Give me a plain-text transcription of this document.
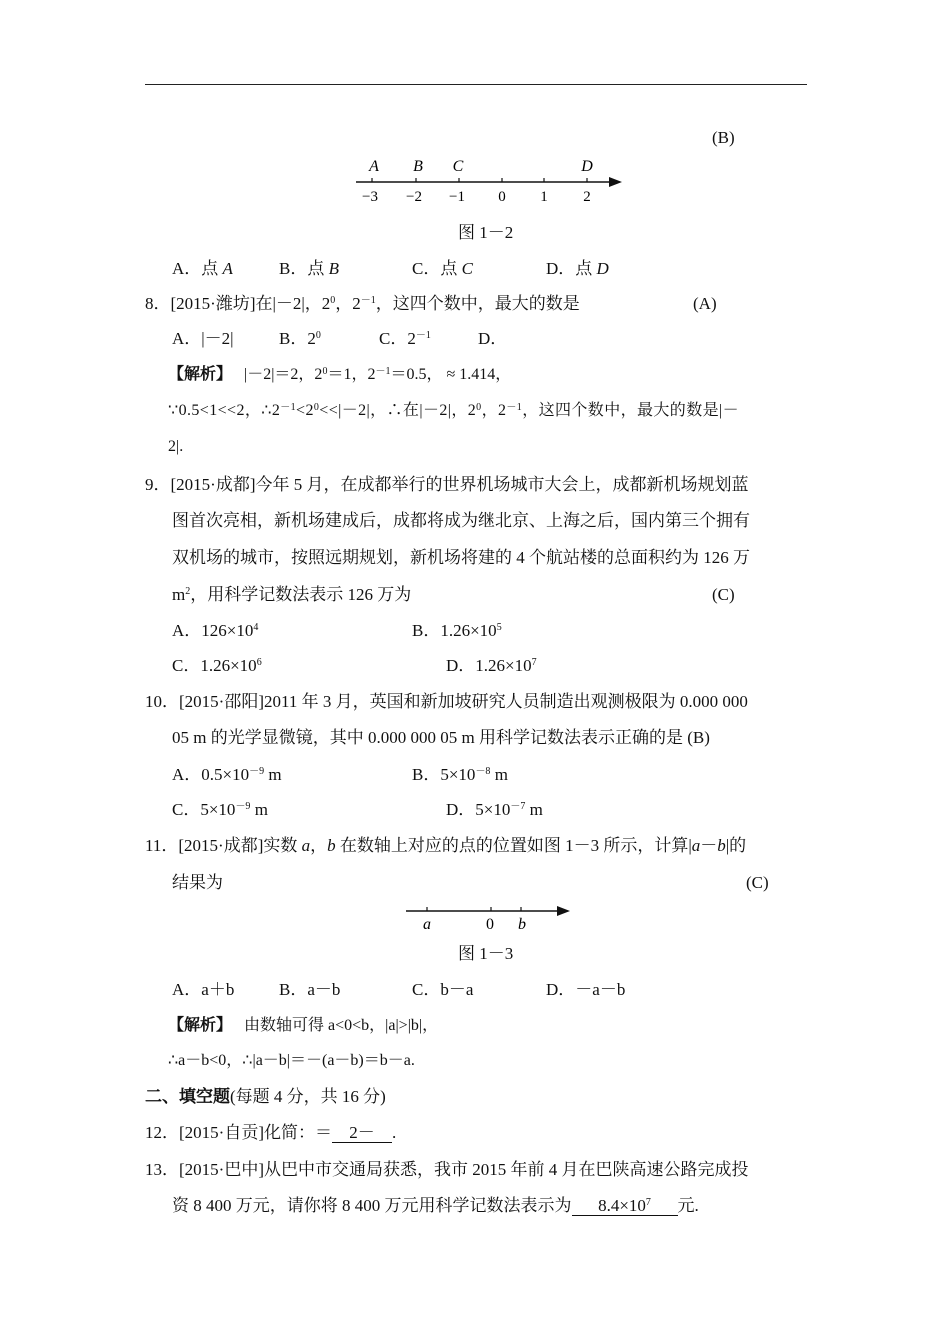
(B)
A B C	D
−3 −2 −1 0 1 2
图 1－2
A．点 A	B．点 B	C．点 C	D．点 D
8．[2015·潍坊]在|－2|，$2^0$，$2^{-1}$，这四个数中，最大的数是	(A)
A．|－2|	B．$2^0$	C．$2^{-1}$	D．
【解析】 |－2|＝2，$2^0=1$，$2^{-1}=0.5$， ≈ 1.414，
∵0.5<1<<2，$\therefore 2^{-1}<2^0<<|-2|$，∴在|－2|，$2^0$，$2^{-1}$，这四个数中，最大的数是|－
2|.
9．[2015·成都]今年 5 月，在成都举行的世界机场城市大会上，成都新机场规划蓝
图首次亮相，新机场建成后，成都将成为继北京、上海之后，国内第三个拥有
双机场的城市，按照远期规划，新机场将建的 4 个航站楼的总面积约为 126 万
$m^2$，用科学记数法表示 126 万为	(C)
A．$126\times 10^4$	B．$1.26\times 10^5$
C．$1.26\times 10^6$	D．$1.26\times 10^7$
10．[2015·邵阳]2011 年 3 月，英国和新加坡研究人员制造出观测极限为 0.000 000
05 m 的光学显微镜，其中 0.000 000 05 m 用科学记数法表示正确的是 (B)
A．$0.5\times 10^{-9}$ m	B．$5\times 10^{-8}$ m
C．$5\times 10^{-9}$ m	D．$5\times 10^{-7}$ m
11．[2015·成都]实数 a，b 在数轴上对应的点的位置如图 1－3 所示，计算|a－b|的
结果为	(C)
a	0 b
图 1－3
A．a＋b	B．a－b	C．b－a	D．－a－b
【解析】 由数轴可得 a<0<b，|a|>|b|，
∴a－b<0，∴|a－b|＝－(a－b)＝b－a.
二、填空题(每题 4 分，共 16 分)
12．[2015·自贡]化简：＝ 2－ .
13．[2015·巴中]从巴中市交通局获悉，我市 2015 年前 4 月在巴陕高速公路完成投
资 8 400 万元，请你将 8 400 万元用科学记数法表示为 $8.4\times 10^7$ 元.
